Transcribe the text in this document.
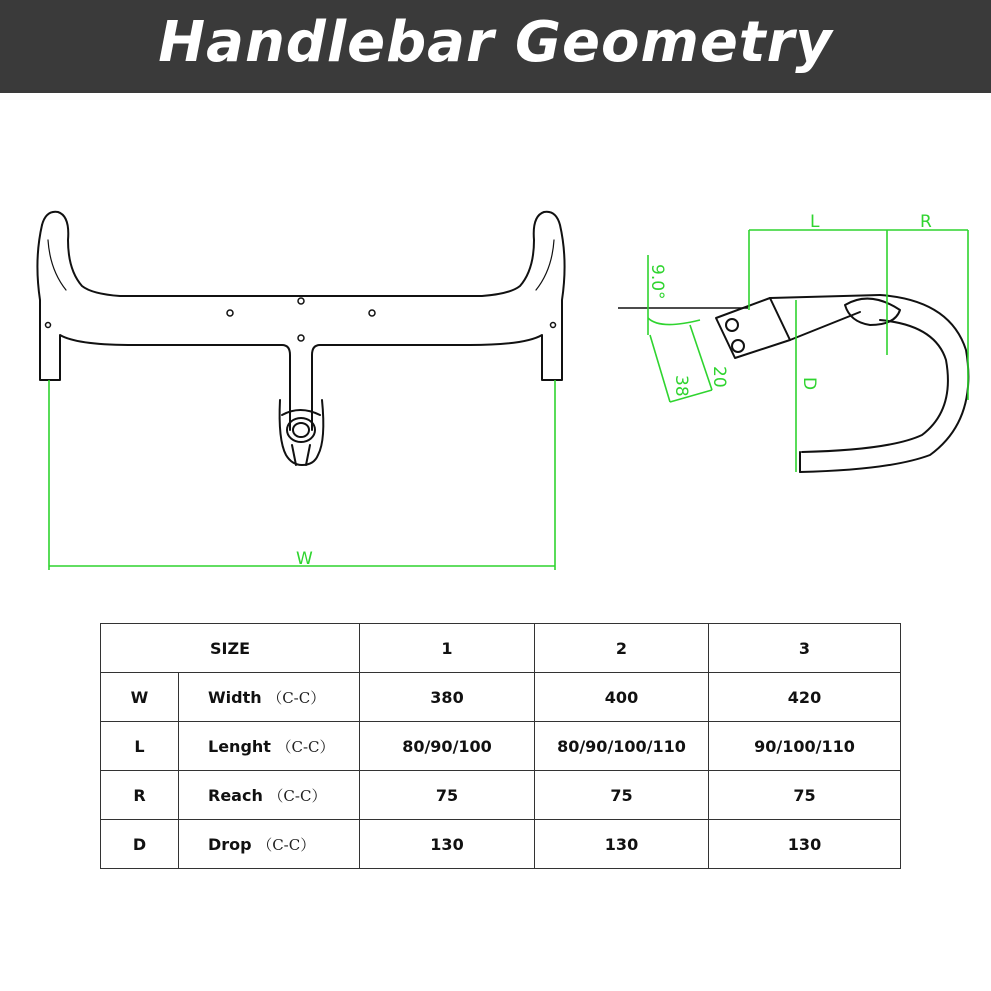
Handlebar Geometry
W
L	R
D
9.0°
38 20
SIZE		1	2	3
W	Width （C-C）	380	400	420
L	Lenght （C-C）	80/90/100	80/90/100/110	90/100/110
R	Reach （C-C）	75	75	75
D	Drop （C-C）	130	130	130
